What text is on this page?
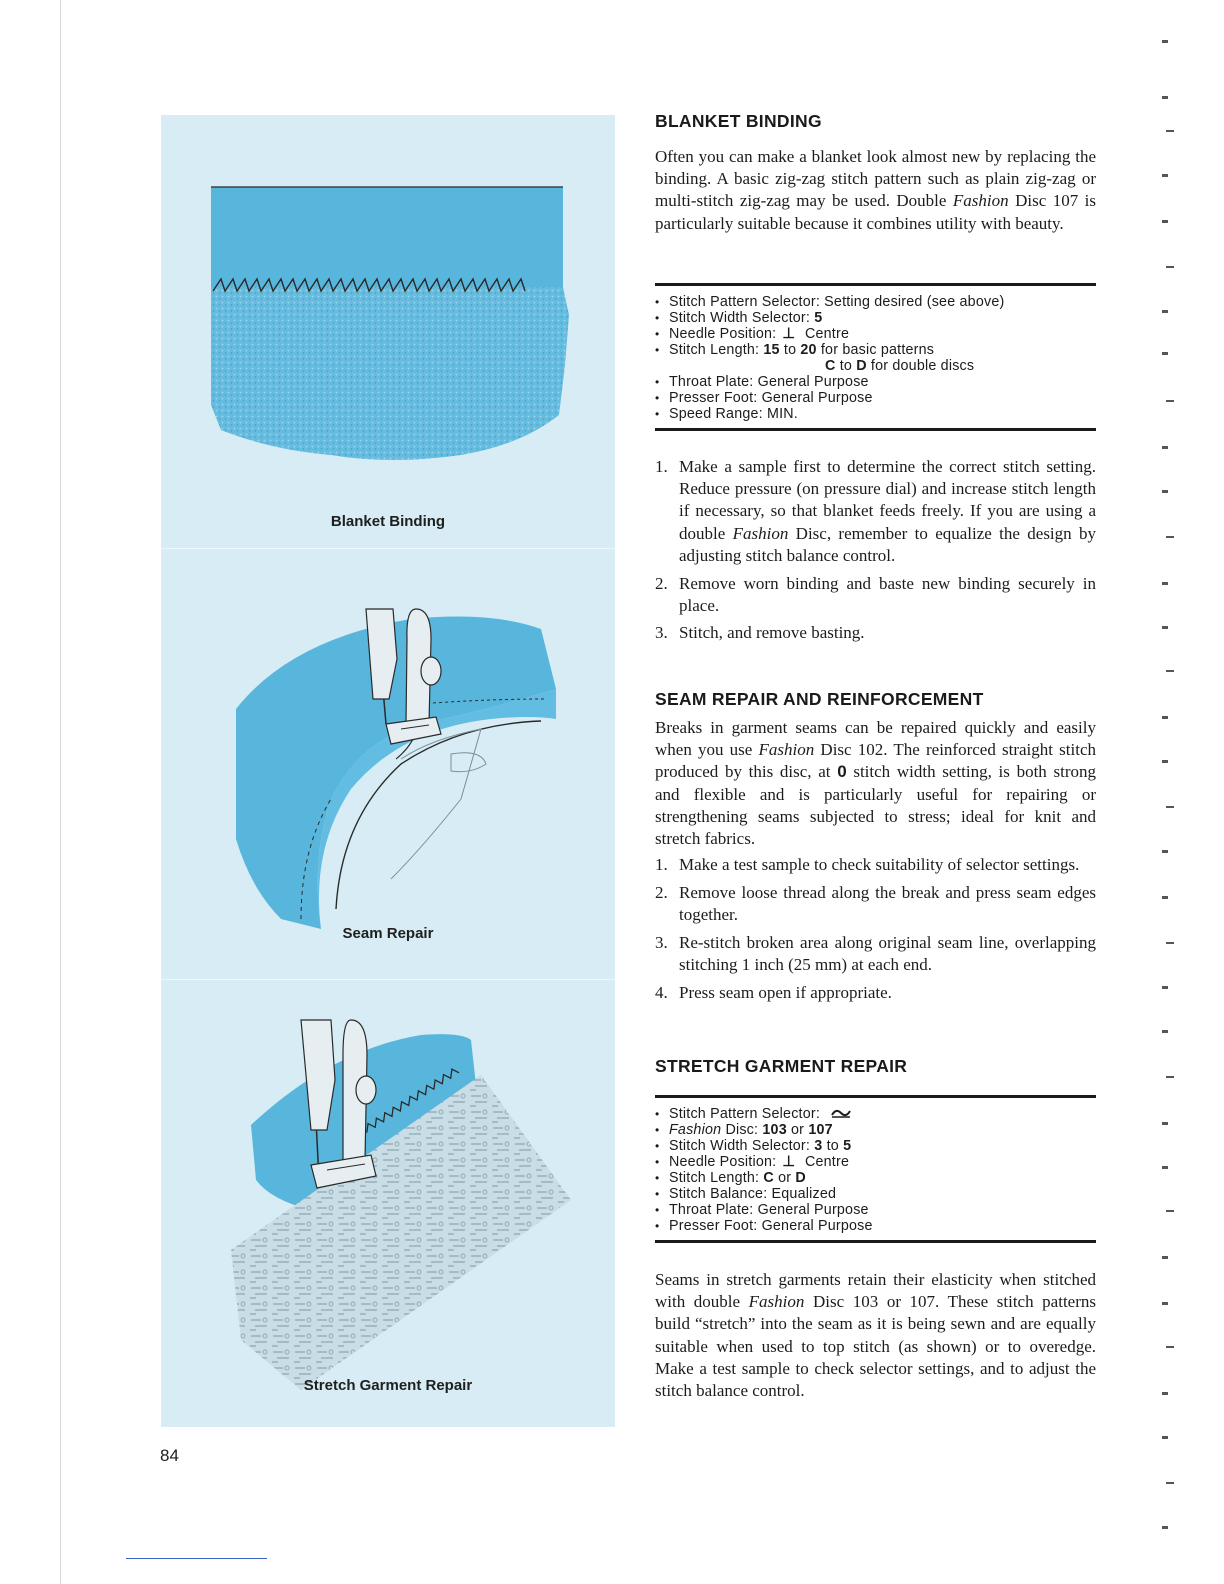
Blanket Binding
Seam Repair
Stretch Garment Repair
BLANKET BINDING

Often you can make a blanket look almost new by replacing the binding. A basic zig-zag stitch pattern such as plain zig-zag or multi-stitch zig-zag may be used. Double Fashion Disc 107 is particularly suitable because it combines utility with beauty.

• Stitch Pattern Selector: Setting desired (see above)
• Stitch Width Selector: 5
• Needle Position: ⊥ Centre
• Stitch Length: 15 to 20 for basic patterns
C to D for double discs
• Throat Plate: General Purpose
• Presser Foot: General Purpose
• Speed Range: MIN.
1. Make a sample first to determine the correct stitch setting. Reduce pressure (on pressure dial) and increase stitch length if necessary, so that blanket feeds freely. If you are using a double Fashion Disc, remember to equalize the design by adjusting stitch balance control.
2. Remove worn binding and baste new binding securely in place.
3. Stitch, and remove basting.
SEAM REPAIR AND REINFORCEMENT

Breaks in garment seams can be repaired quickly and easily when you use Fashion Disc 102. The reinforced straight stitch produced by this disc, at 0 stitch width setting, is both strong and flexible and is particularly useful for repairing or strengthening seams subjected to stress; ideal for knit and stretch fabrics.

1. Make a test sample to check suitability of selector settings.
2. Remove loose thread along the break and press seam edges together.
3. Re-stitch broken area along original seam line, overlapping stitching 1 inch (25 mm) at each end.
4. Press seam open if appropriate.
STRETCH GARMENT REPAIR
• Stitch Pattern Selector:
• Fashion Disc: 103 or 107
• Stitch Width Selector: 3 to 5
• Needle Position: ⊥ Centre
• Stitch Length: C or D
• Stitch Balance: Equalized
• Throat Plate: General Purpose
• Presser Foot: General Purpose

Seams in stretch garments retain their elasticity when stitched with double Fashion Disc 103 or 107. These stitch patterns build “stretch” into the seam as it is being sewn and are equally suitable when used to top stitch (as shown) or to overedge. Make a test sample to check selector settings, and to adjust the stitch balance control.

84
